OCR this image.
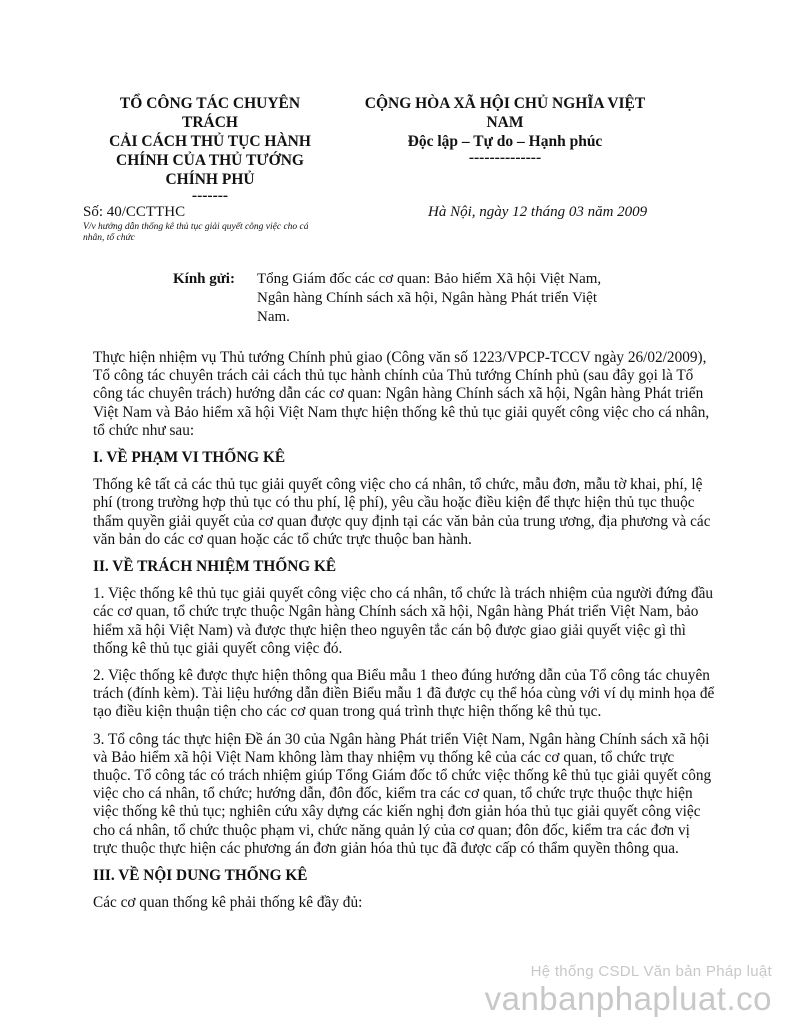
TỔ CÔNG TÁC CHUYÊN
TRÁCH
CẢI CÁCH THỦ TỤC HÀNH
CHÍNH CỦA THỦ TƯỚNG
CHÍNH PHỦ
-------
CỘNG HÒA XÃ HỘI CHỦ NGHĨA VIỆT
NAM
Độc lập – Tự do – Hạnh phúc
--------------
Số: 40/CCTTHC
V/v hướng dẫn thống kê thủ tục giải quyết công việc cho cá nhân, tổ chức
Hà Nội, ngày 12 tháng 03 năm 2009
Kính gửi: Tổng Giám đốc các cơ quan: Bảo hiểm Xã hội Việt Nam, Ngân hàng Chính sách xã hội, Ngân hàng Phát triển Việt Nam.

Thực hiện nhiệm vụ Thủ tướng Chính phủ giao (Công văn số 1223/VPCP-TCCV ngày 26/02/2009), Tổ công tác chuyên trách cải cách thủ tục hành chính của Thủ tướng Chính phủ (sau đây gọi là Tổ công tác chuyên trách) hướng dẫn các cơ quan: Ngân hàng Chính sách xã hội, Ngân hàng Phát triển Việt Nam và Bảo hiểm xã hội Việt Nam thực hiện thống kê thủ tục giải quyết công việc cho cá nhân, tổ chức như sau:

I. VỀ PHẠM VI THỐNG KÊ

Thống kê tất cả các thủ tục giải quyết công việc cho cá nhân, tổ chức, mẫu đơn, mẫu tờ khai, phí, lệ phí (trong trường hợp thủ tục có thu phí, lệ phí), yêu cầu hoặc điều kiện để thực hiện thủ tục thuộc thẩm quyền giải quyết của cơ quan được quy định tại các văn bản của trung ương, địa phương và các văn bản do các cơ quan hoặc các tổ chức trực thuộc ban hành.

II. VỀ TRÁCH NHIỆM THỐNG KÊ

1. Việc thống kê thủ tục giải quyết công việc cho cá nhân, tổ chức là trách nhiệm của người đứng đầu các cơ quan, tổ chức trực thuộc Ngân hàng Chính sách xã hội, Ngân hàng Phát triển Việt Nam, bảo hiểm xã hội Việt Nam) và được thực hiện theo nguyên tắc cán bộ được giao giải quyết việc gì thì thống kê thủ tục giải quyết công việc đó.

2. Việc thống kê được thực hiện thông qua Biểu mẫu 1 theo đúng hướng dẫn của Tổ công tác chuyên trách (đính kèm). Tài liệu hướng dẫn điền Biểu mẫu 1 đã được cụ thể hóa cùng với ví dụ minh họa để tạo điều kiện thuận tiện cho các cơ quan trong quá trình thực hiện thống kê thủ tục.

3. Tổ công tác thực hiện Đề án 30 của Ngân hàng Phát triển Việt Nam, Ngân hàng Chính sách xã hội và Bảo hiểm xã hội Việt Nam không làm thay nhiệm vụ thống kê của các cơ quan, tổ chức trực thuộc. Tổ công tác có trách nhiệm giúp Tổng Giám đốc tổ chức việc thống kê thủ tục giải quyết công việc cho cá nhân, tổ chức; hướng dẫn, đôn đốc, kiểm tra các cơ quan, tổ chức trực thuộc thực hiện việc thống kê thủ tục; nghiên cứu xây dựng các kiến nghị đơn giản hóa thủ tục giải quyết công việc cho cá nhân, tổ chức thuộc phạm vi, chức năng quản lý của cơ quan; đôn đốc, kiểm tra các đơn vị trực thuộc thực hiện các phương án đơn giản hóa thủ tục đã được cấp có thẩm quyền thông qua.

III. VỀ NỘI DUNG THỐNG KÊ

Các cơ quan thống kê phải thống kê đầy đủ:

Hệ thống CSDL Văn bản Pháp luật
vanbanphapluat.co
